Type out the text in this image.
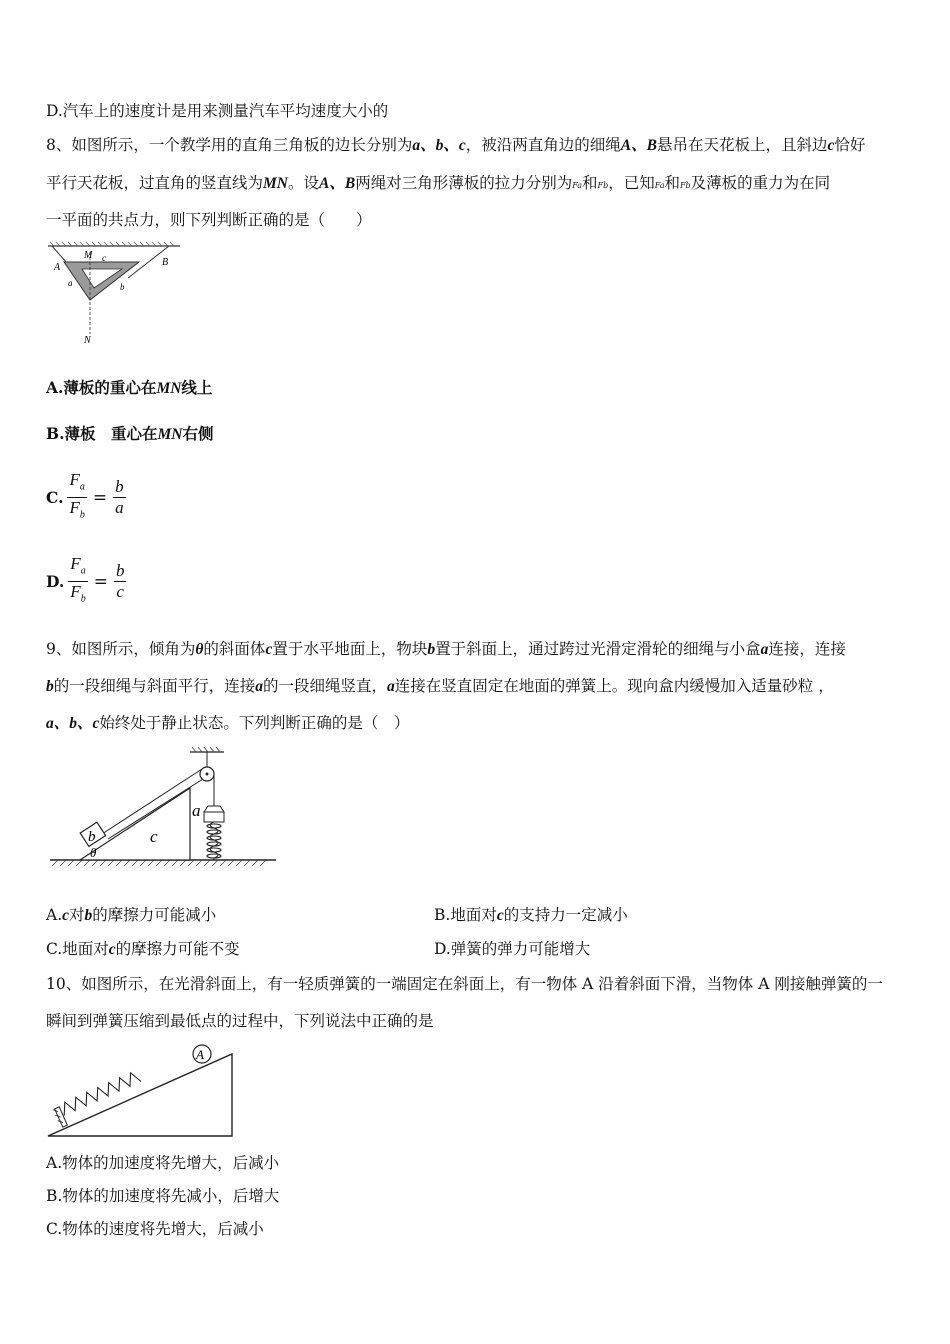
D.汽车上的速度计是用来测量汽车平均速度大小的
8、如图所示，一个教学用的直角三角板的边长分别为a、b、c，被沿两直角边的细绳A、B悬吊在天花板上，且斜边c恰好
平行天花板，过直角的竖直线为MN。设A、B两绳对三角形薄板的拉力分别为Fa和Fb，已知Fa和Fb及薄板的重力为在同
一平面的共点力，则下列判断正确的是（　　）
M
A	B
c
a	b
N
A.薄板的重心在MN线上
B.薄板　重心在MN右侧
C. $\frac{F_a}{F_b} = \frac{b}{a}$
D. $\frac{F_a}{F_b} = \frac{b}{c}$
9、如图所示，倾角为θ的斜面体c置于水平地面上，物块b置于斜面上，通过跨过光滑定滑轮的细绳与小盒a连接，连接
b的一段细绳与斜面平行，连接a的一段细绳竖直，a连接在竖直固定在地面的弹簧上。现向盒内缓慢加入适量砂粒 ，
a、b、c始终处于静止状态。下列判断正确的是（　）
a
b	c
θ
A.c对b的摩擦力可能减小	B.地面对c的支持力一定减小
C.地面对c的摩擦力可能不变	D.弹簧的弹力可能增大
10、如图所示，在光滑斜面上，有一轻质弹簧的一端固定在斜面上，有一物体 A 沿着斜面下滑，当物体 A 刚接触弹簧的一
瞬间到弹簧压缩到最低点的过程中，下列说法中正确的是
A
A.物体的加速度将先增大，后减小
B.物体的加速度将先减小，后增大
C.物体的速度将先增大，后减小
